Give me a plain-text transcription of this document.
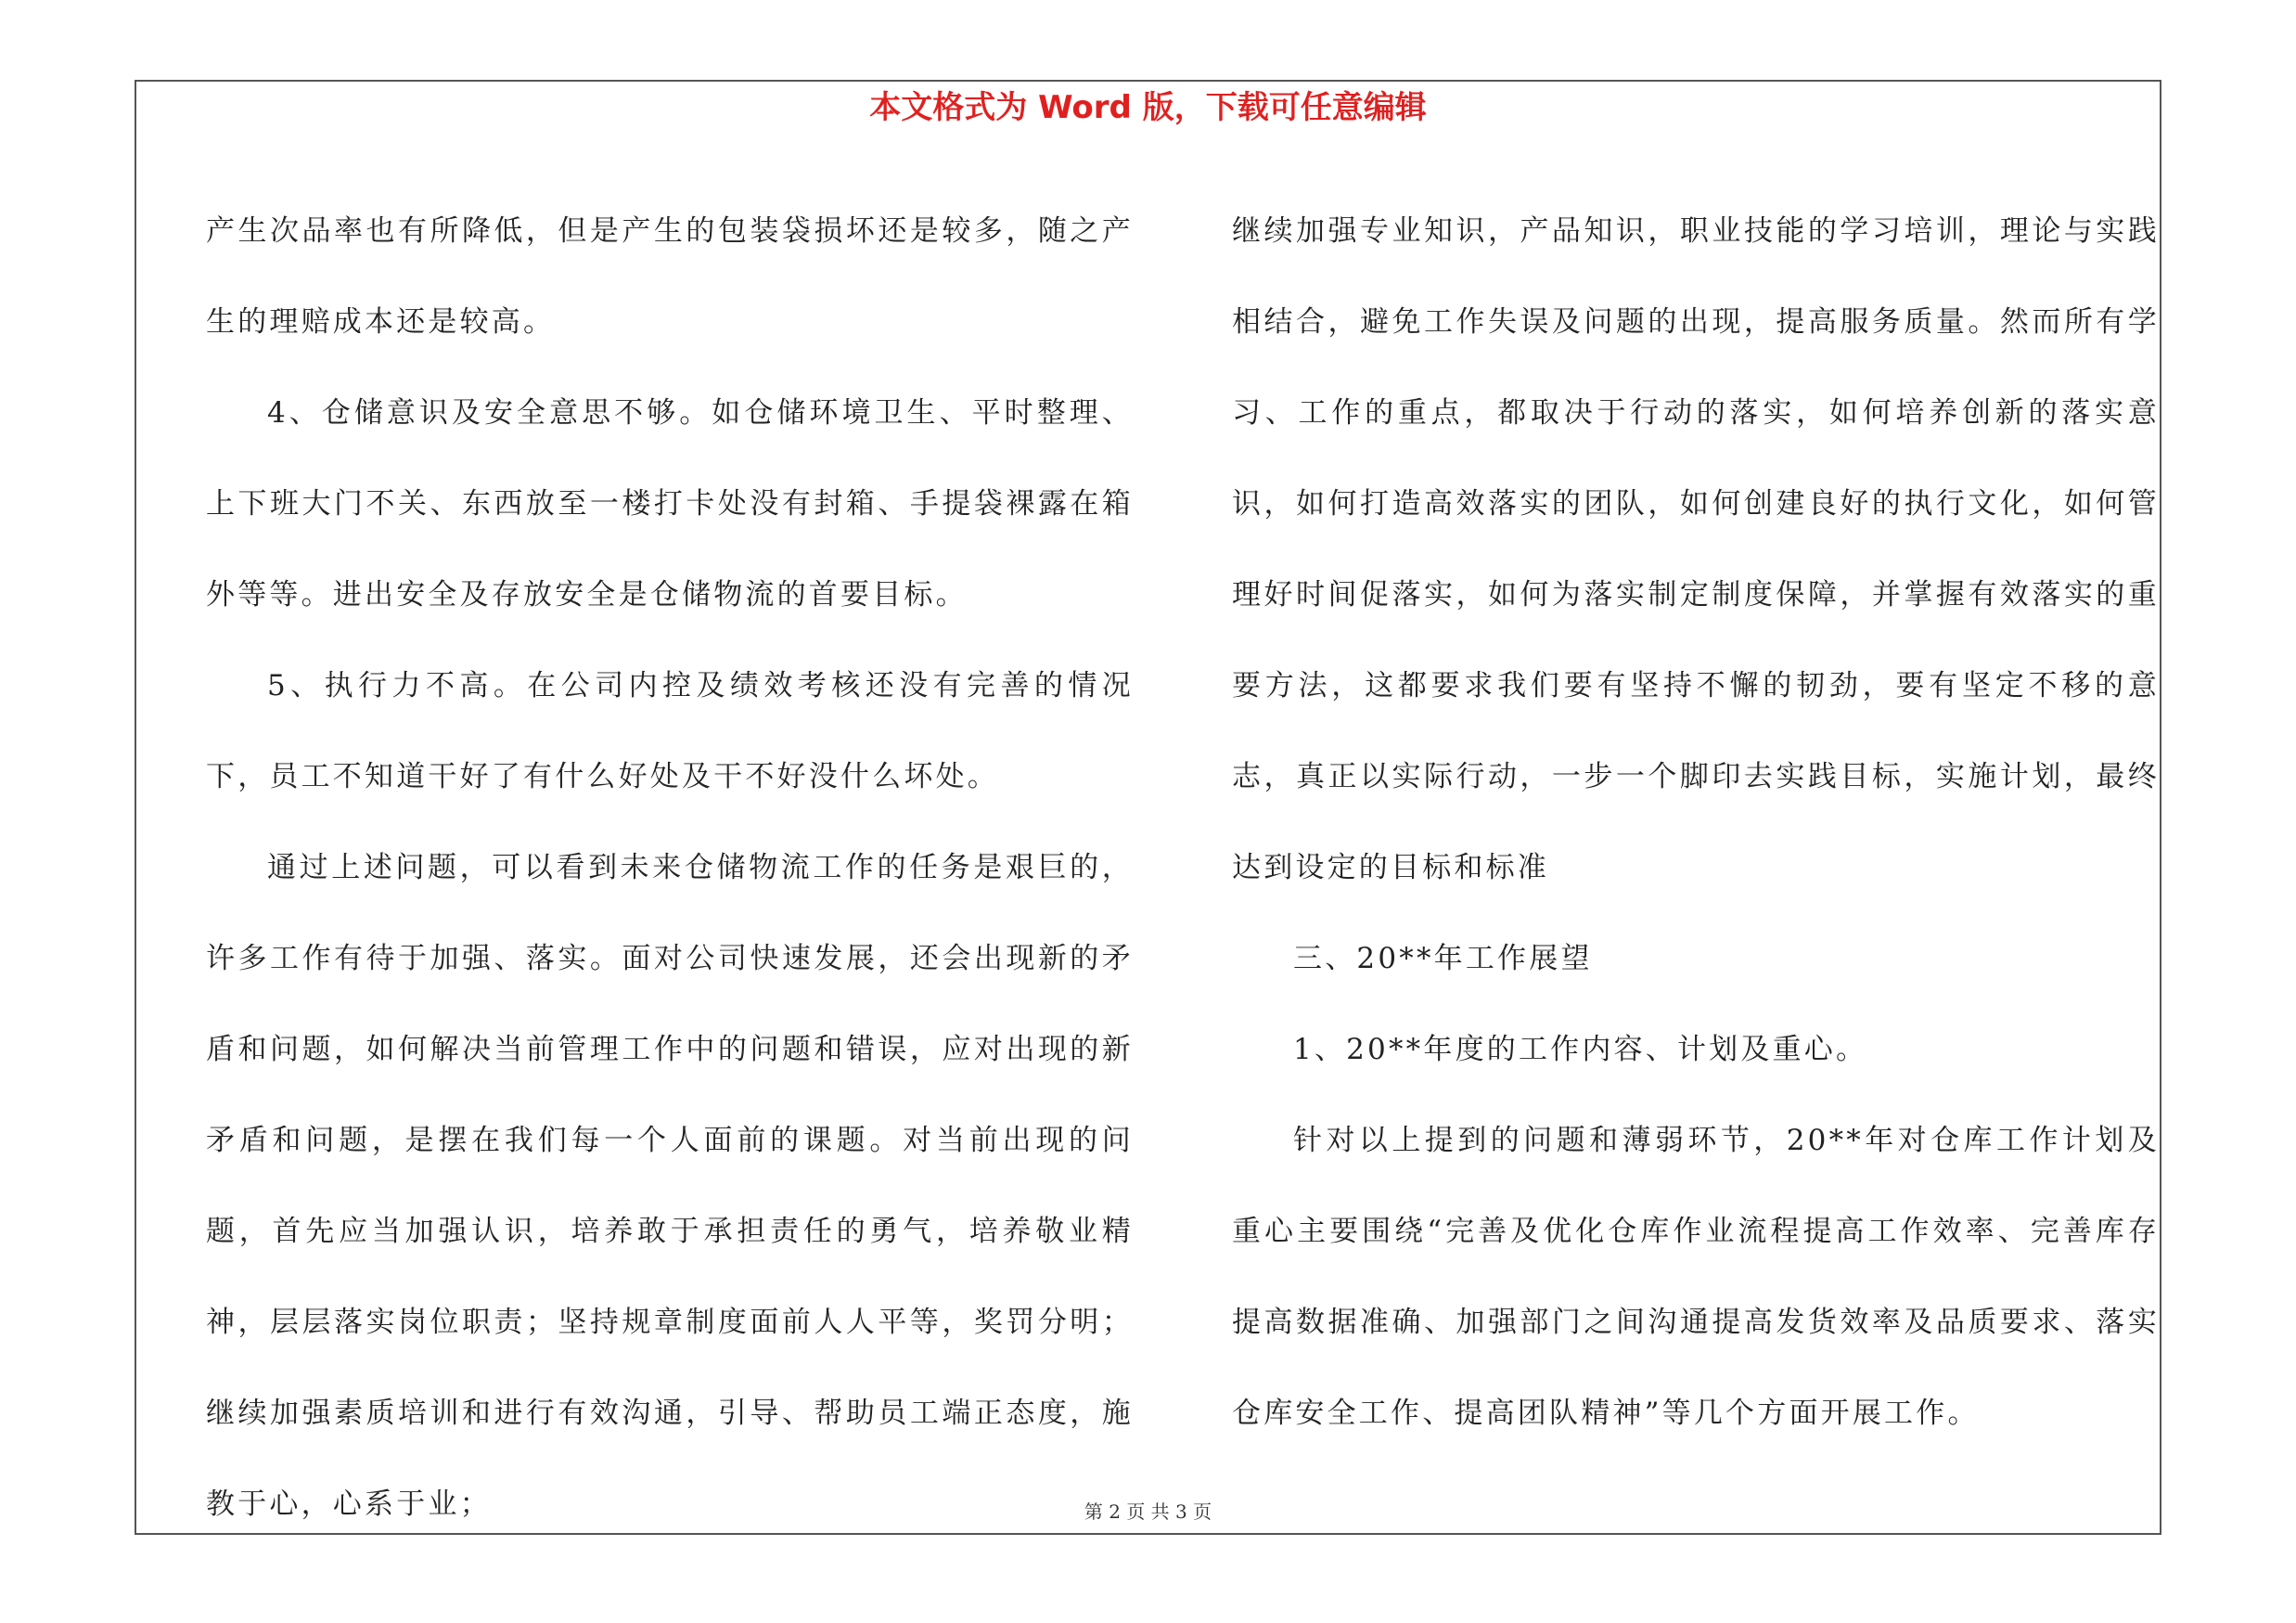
本文格式为 Word 版，下载可任意编辑

产生次品率也有所降低，但是产生的包装袋损坏还是较多，随之产生的理赔成本还是较高。

4、仓储意识及安全意思不够。如仓储环境卫生、平时整理、上下班大门不关、东西放至一楼打卡处没有封箱、手提袋裸露在箱外等等。进出安全及存放安全是仓储物流的首要目标。

5、执行力不高。在公司内控及绩效考核还没有完善的情况下，员工不知道干好了有什么好处及干不好没什么坏处。

通过上述问题，可以看到未来仓储物流工作的任务是艰巨的，许多工作有待于加强、落实。面对公司快速发展，还会出现新的矛盾和问题，如何解决当前管理工作中的问题和错误，应对出现的新矛盾和问题，是摆在我们每一个人面前的课题。对当前出现的问题，首先应当加强认识，培养敢于承担责任的勇气，培养敬业精神，层层落实岗位职责；坚持规章制度面前人人平等，奖罚分明；继续加强素质培训和进行有效沟通，引导、帮助员工端正态度，施教于心，心系于业；

继续加强专业知识，产品知识，职业技能的学习培训，理论与实践相结合，避免工作失误及问题的出现，提高服务质量。然而所有学习、工作的重点，都取决于行动的落实，如何培养创新的落实意识，如何打造高效落实的团队，如何创建良好的执行文化，如何管理好时间促落实，如何为落实制定制度保障，并掌握有效落实的重要方法，这都要求我们要有坚持不懈的韧劲，要有坚定不移的意志，真正以实际行动，一步一个脚印去实践目标，实施计划，最终达到设定的目标和标准

三、20**年工作展望

1、20**年度的工作内容、计划及重心。

针对以上提到的问题和薄弱环节，20**年对仓库工作计划及重心主要围绕“完善及优化仓库作业流程提高工作效率、完善库存提高数据准确、加强部门之间沟通提高发货效率及品质要求、落实仓库安全工作、提高团队精神”等几个方面开展工作。

第 2 页 共 3 页
